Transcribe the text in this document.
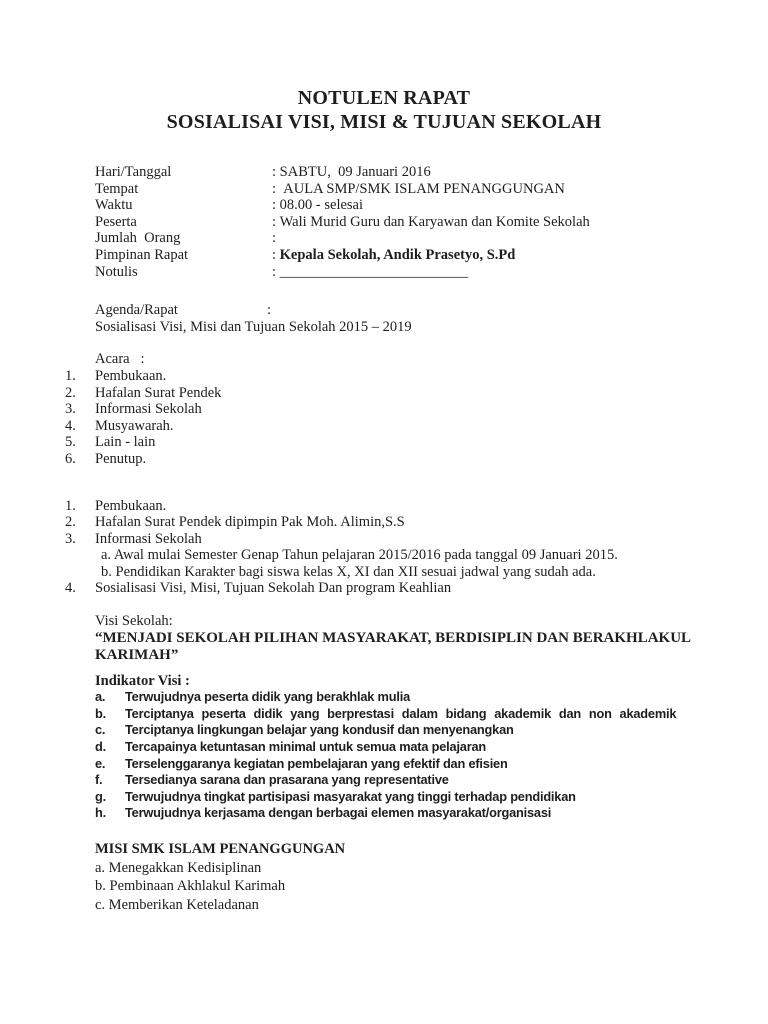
NOTULEN RAPAT
SOSIALISAI VISI, MISI & TUJUAN SEKOLAH
Hari/Tanggal	: SABTU,  09 Januari 2016
Tempat	: AULA SMP/SMK ISLAM PENANGGUNGAN
Waktu	: 08.00 - selesai
Peserta	: Wali Murid Guru dan Karyawan dan Komite Sekolah
Jumlah  Orang	:
Pimpinan Rapat	: Kepala Sekolah, Andik Prasetyo, S.Pd
Notulis	: __________________________
Agenda/Rapat	:
Sosialisasi Visi, Misi dan Tujuan Sekolah 2015 – 2019
Acara   :
1.	Pembukaan.
2.	Hafalan Surat Pendek
3.	Informasi Sekolah
4.	Musyawarah.
5.	Lain - lain
6.	Penutup.
1.	Pembukaan.
2.	Hafalan Surat Pendek dipimpin Pak Moh. Alimin,S.S
3.	Informasi Sekolah
a. Awal mulai Semester Genap Tahun pelajaran 2015/2016 pada tanggal 09 Januari 2015.
b. Pendidikan Karakter bagi siswa kelas X, XI dan XII sesuai jadwal yang sudah ada.
4.	Sosialisasi Visi, Misi, Tujuan Sekolah Dan program Keahlian
Visi Sekolah:
“MENJADI SEKOLAH PILIHAN MASYARAKAT, BERDISIPLIN DAN BERAKHLAKUL
KARIMAH”
Indikator Visi :
a.	Terwujudnya peserta didik yang berakhlak mulia
b.	Terciptanya peserta didik yang berprestasi dalam bidang akademik dan non akademik
c.	Terciptanya lingkungan belajar yang kondusif dan menyenangkan
d.	Tercapainya ketuntasan minimal untuk semua mata pelajaran
e.	Terselenggaranya kegiatan pembelajaran yang efektif dan efisien
f.	Tersedianya sarana dan prasarana yang representative
g.	Terwujudnya tingkat partisipasi masyarakat yang tinggi terhadap pendidikan
h.	Terwujudnya kerjasama dengan berbagai elemen masyarakat/organisasi
MISI SMK ISLAM PENANGGUNGAN
a. Menegakkan Kedisiplinan
b. Pembinaan Akhlakul Karimah
c. Memberikan Keteladanan
